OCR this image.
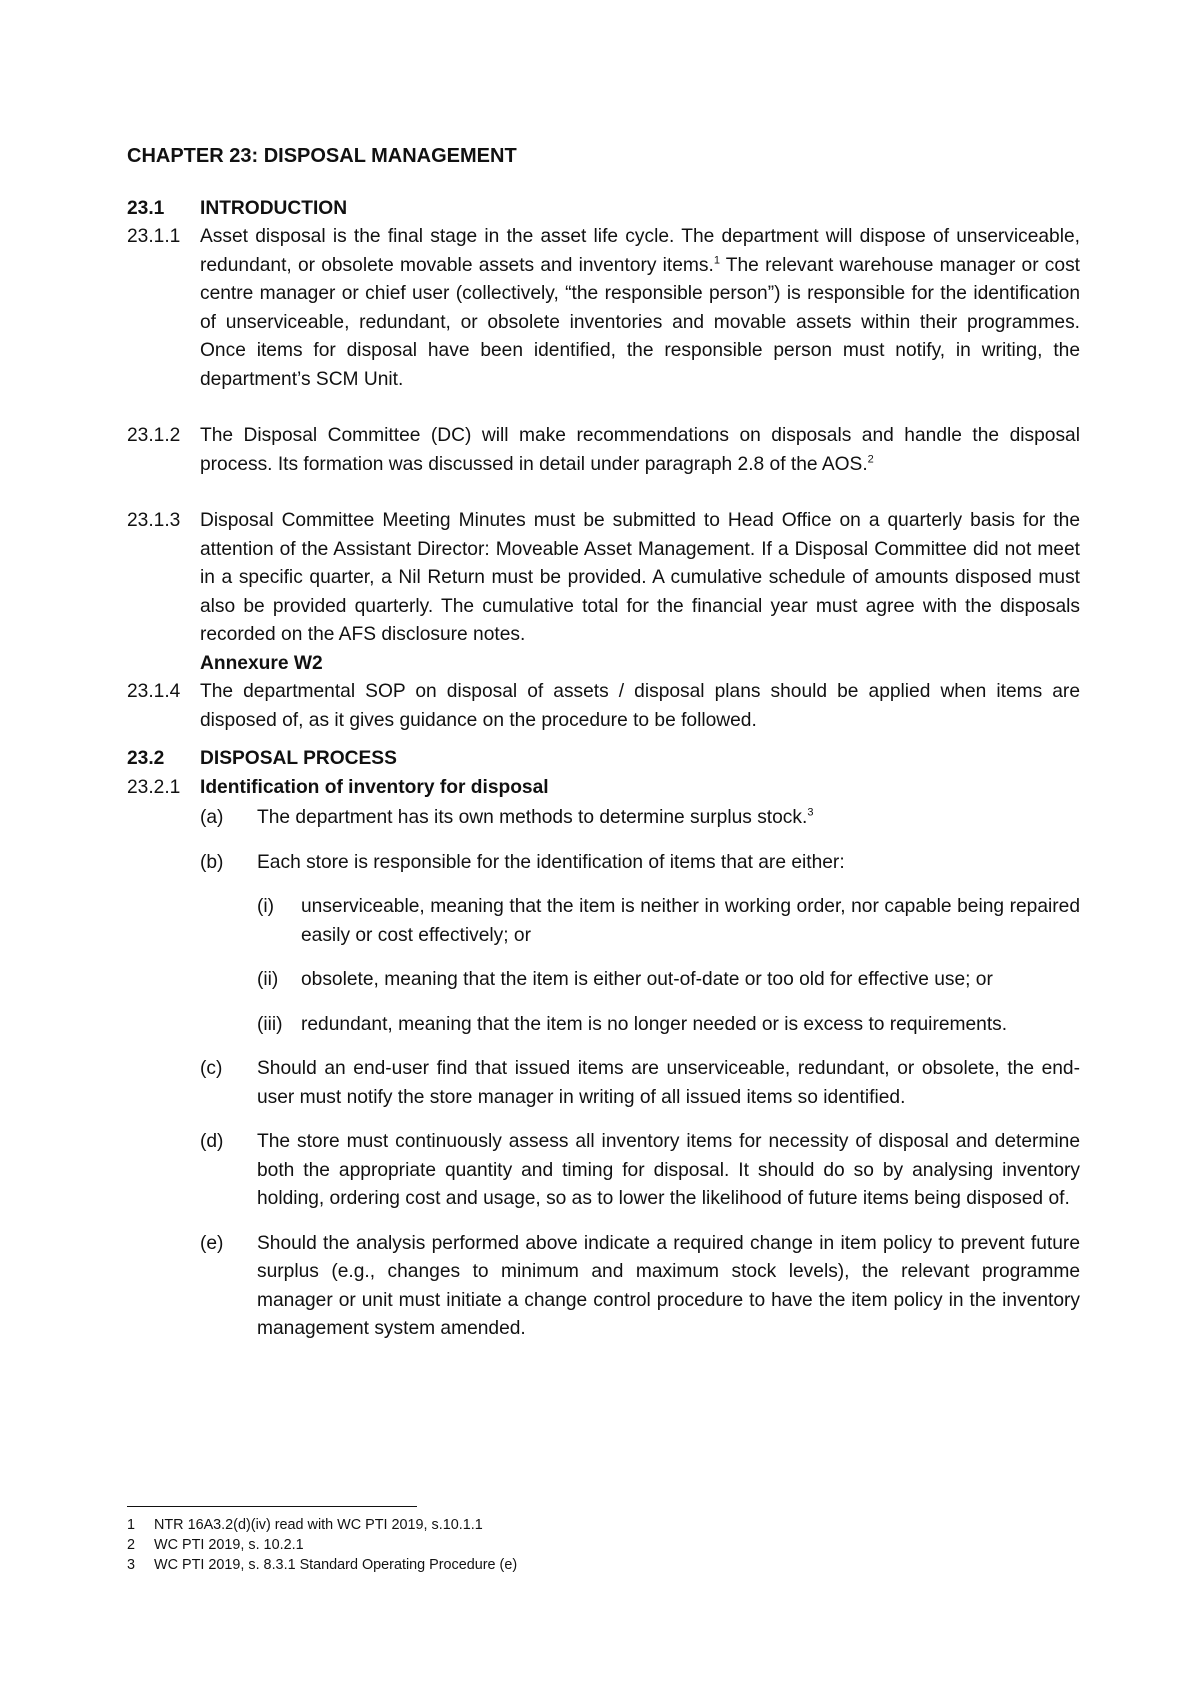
CHAPTER 23: DISPOSAL MANAGEMENT
23.1	INTRODUCTION
23.1.1	Asset disposal is the final stage in the asset life cycle. The department will dispose of unserviceable, redundant, or obsolete movable assets and inventory items.$^1$ The relevant warehouse manager or cost centre manager or chief user (collectively, “the responsible person”) is responsible for the identification of unserviceable, redundant, or obsolete inventories and movable assets within their programmes. Once items for disposal have been identified, the responsible person must notify, in writing, the department’s SCM Unit.
23.1.2	The Disposal Committee (DC) will make recommendations on disposals and handle the disposal process. Its formation was discussed in detail under paragraph 2.8 of the AOS.$^2$
23.1.3	Disposal Committee Meeting Minutes must be submitted to Head Office on a quarterly basis for the attention of the Assistant Director: Moveable Asset Management. If a Disposal Committee did not meet in a specific quarter, a Nil Return must be provided. A cumulative schedule of amounts disposed must also be provided quarterly. The cumulative total for the financial year must agree with the disposals recorded on the AFS disclosure notes.
Annexure W2
23.1.4	The departmental SOP on disposal of assets / disposal plans should be applied when items are disposed of, as it gives guidance on the procedure to be followed.
23.2	DISPOSAL PROCESS
23.2.1	Identification of inventory for disposal
(a)	The department has its own methods to determine surplus stock.$^3$
(b)	Each store is responsible for the identification of items that are either:
(i)	unserviceable, meaning that the item is neither in working order, nor capable being repaired easily or cost effectively; or
(ii)	obsolete, meaning that the item is either out-of-date or too old for effective use; or
(iii) redundant, meaning that the item is no longer needed or is excess to requirements.
(c)	Should an end-user find that issued items are unserviceable, redundant, or obsolete, the end-user must notify the store manager in writing of all issued items so identified.
(d)	The store must continuously assess all inventory items for necessity of disposal and determine both the appropriate quantity and timing for disposal. It should do so by analysing inventory holding, ordering cost and usage, so as to lower the likelihood of future items being disposed of.
(e)	Should the analysis performed above indicate a required change in item policy to prevent future surplus (e.g., changes to minimum and maximum stock levels), the relevant programme manager or unit must initiate a change control procedure to have the item policy in the inventory management system amended.
1	NTR 16A3.2(d)(iv) read with WC PTI 2019, s.10.1.1
2	WC PTI 2019, s. 10.2.1
3	WC PTI 2019, s. 8.3.1 Standard Operating Procedure (e)
